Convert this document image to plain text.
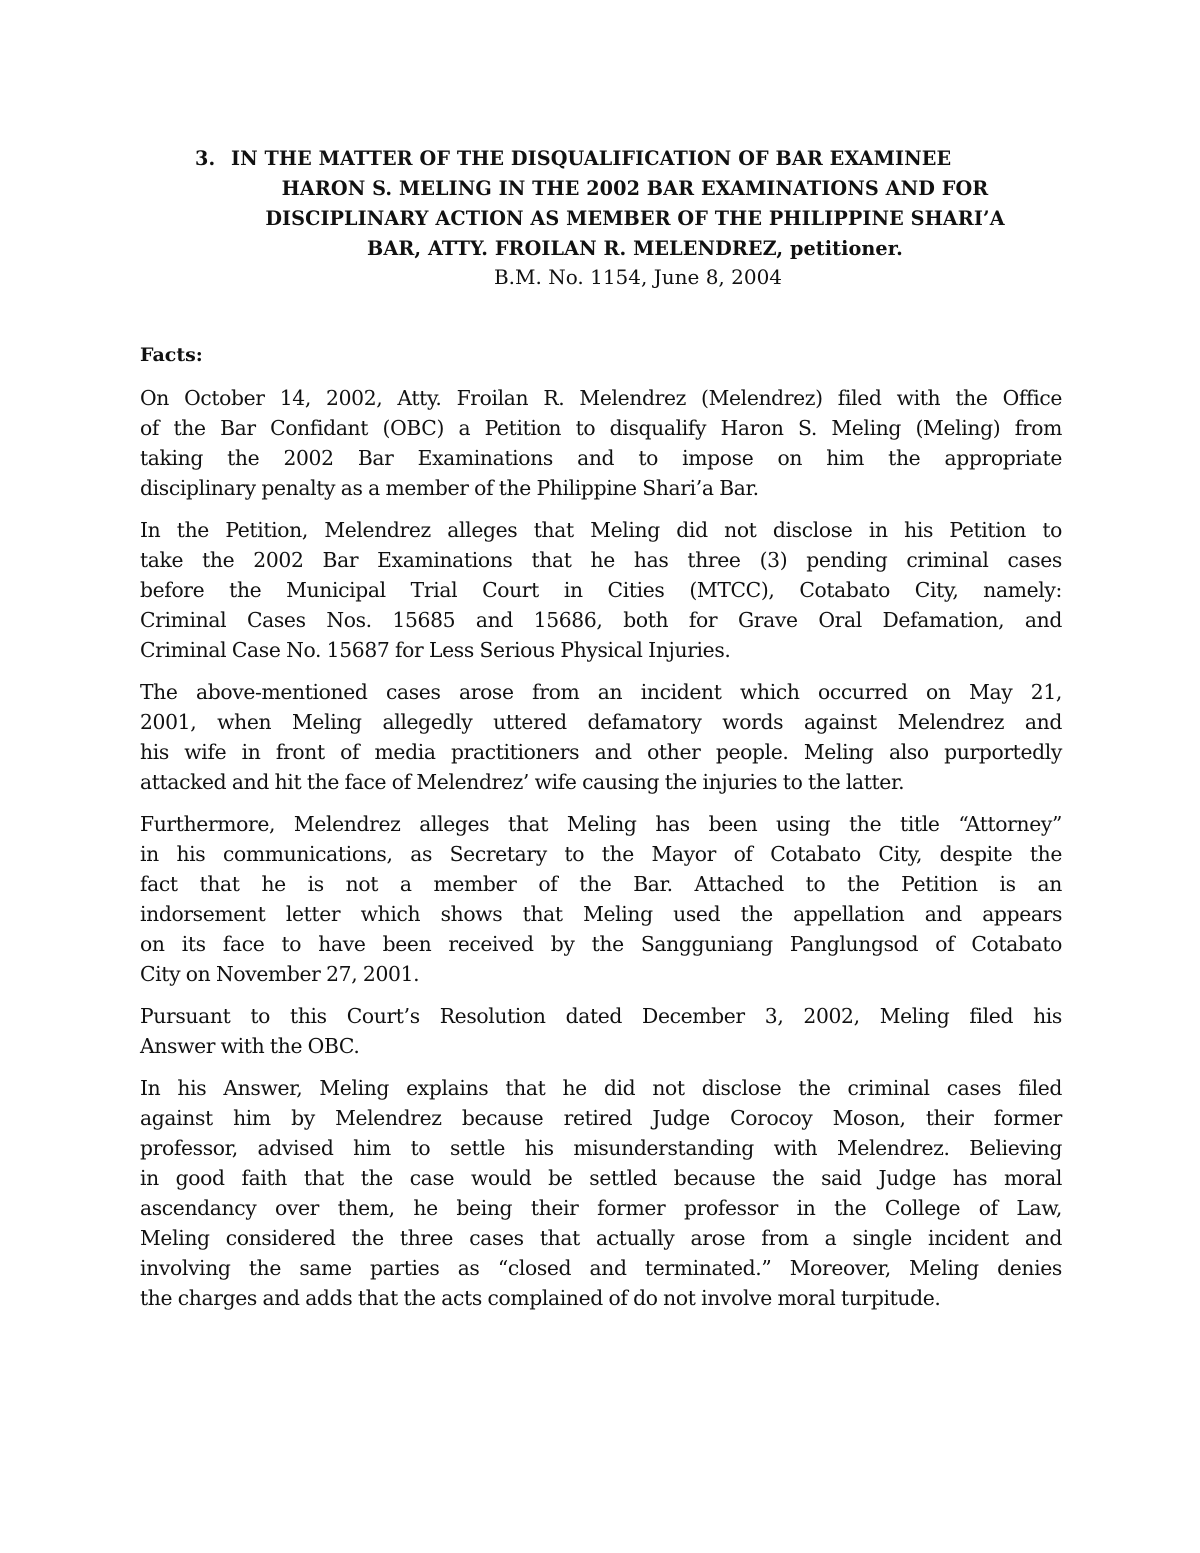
3. IN THE MATTER OF THE DISQUALIFICATION OF BAR EXAMINEE
HARON S. MELING IN THE 2002 BAR EXAMINATIONS AND FOR
DISCIPLINARY ACTION AS MEMBER OF THE PHILIPPINE SHARI’A
BAR, ATTY. FROILAN R. MELENDREZ, petitioner.

B.M. No. 1154, June 8, 2004

Facts:

On October 14, 2002, Atty. Froilan R. Melendrez (Melendrez) filed with the Office
of the Bar Confidant (OBC) a Petition to disqualify Haron S. Meling (Meling) from
taking the 2002 Bar Examinations and to impose on him the appropriate
disciplinary penalty as a member of the Philippine Shari’a Bar.

In the Petition, Melendrez alleges that Meling did not disclose in his Petition to
take the 2002 Bar Examinations that he has three (3) pending criminal cases
before the Municipal Trial Court in Cities (MTCC), Cotabato City, namely:
Criminal Cases Nos. 15685 and 15686, both for Grave Oral Defamation, and
Criminal Case No. 15687 for Less Serious Physical Injuries.

The above-mentioned cases arose from an incident which occurred on May 21,
2001, when Meling allegedly uttered defamatory words against Melendrez and
his wife in front of media practitioners and other people. Meling also purportedly
attacked and hit the face of Melendrez’ wife causing the injuries to the latter.

Furthermore, Melendrez alleges that Meling has been using the title “Attorney”
in his communications, as Secretary to the Mayor of Cotabato City, despite the
fact that he is not a member of the Bar. Attached to the Petition is an
indorsement letter which shows that Meling used the appellation and appears
on its face to have been received by the Sangguniang Panglungsod of Cotabato
City on November 27, 2001.

Pursuant to this Court’s Resolution dated December 3, 2002, Meling filed his
Answer with the OBC.

In his Answer, Meling explains that he did not disclose the criminal cases filed
against him by Melendrez because retired Judge Corocoy Moson, their former
professor, advised him to settle his misunderstanding with Melendrez. Believing
in good faith that the case would be settled because the said Judge has moral
ascendancy over them, he being their former professor in the College of Law,
Meling considered the three cases that actually arose from a single incident and
involving the same parties as “closed and terminated.” Moreover, Meling denies
the charges and adds that the acts complained of do not involve moral turpitude.
